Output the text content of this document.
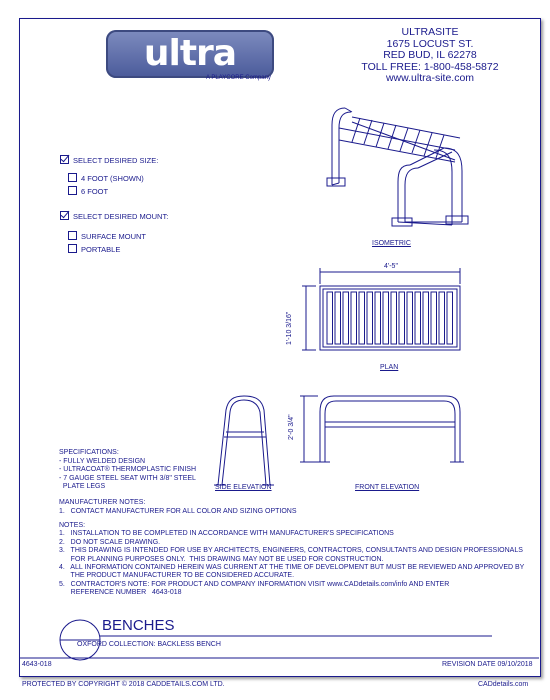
ultra site
A PLAYCORE Company
ULTRASITE
1675 LOCUST ST.
RED BUD, IL 62278
TOLL FREE: 1-800-458-5872
www.ultra-site.com
SELECT DESIRED SIZE:
4 FOOT (SHOWN)
6 FOOT
SELECT DESIRED MOUNT:
SURFACE MOUNT
PORTABLE
ISOMETRIC
PLAN
SIDE ELEVATION	FRONT ELEVATION
4'-5"
1'-10 3/16"
2'-0 3/4"
SPECIFICATIONS:
- FULLY WELDED DESIGN
- ULTRACOAT® THERMOPLASTIC FINISH
- 7 GAUGE STEEL SEAT WITH 3/8" STEEL
PLATE LEGS
MANUFACTURER NOTES:
1.   CONTACT MANUFACTURER FOR ALL COLOR AND SIZING OPTIONS
NOTES:
1.   INSTALLATION TO BE COMPLETED IN ACCORDANCE WITH MANUFACTURER'S SPECIFICATIONS
2.   DO NOT SCALE DRAWING.
3.   THIS DRAWING IS INTENDED FOR USE BY ARCHITECTS, ENGINEERS, CONTRACTORS, CONSULTANTS AND DESIGN PROFESSIONALS
FOR PLANNING PURPOSES ONLY.  THIS DRAWING MAY NOT BE USED FOR CONSTRUCTION.
4.   ALL INFORMATION CONTAINED HEREIN WAS CURRENT AT THE TIME OF DEVELOPMENT BUT MUST BE REVIEWED AND APPROVED BY
THE PRODUCT MANUFACTURER TO BE CONSIDERED ACCURATE.
5.   CONTRACTOR'S NOTE: FOR PRODUCT AND COMPANY INFORMATION VISIT www.CADdetails.com/info AND ENTER
REFERENCE NUMBER   4643-018
BENCHES
OXFORD COLLECTION: BACKLESS BENCH
4643-018	REVISION DATE 09/10/2018
PROTECTED BY COPYRIGHT © 2018 CADDETAILS.COM LTD.	CADdetails.com
